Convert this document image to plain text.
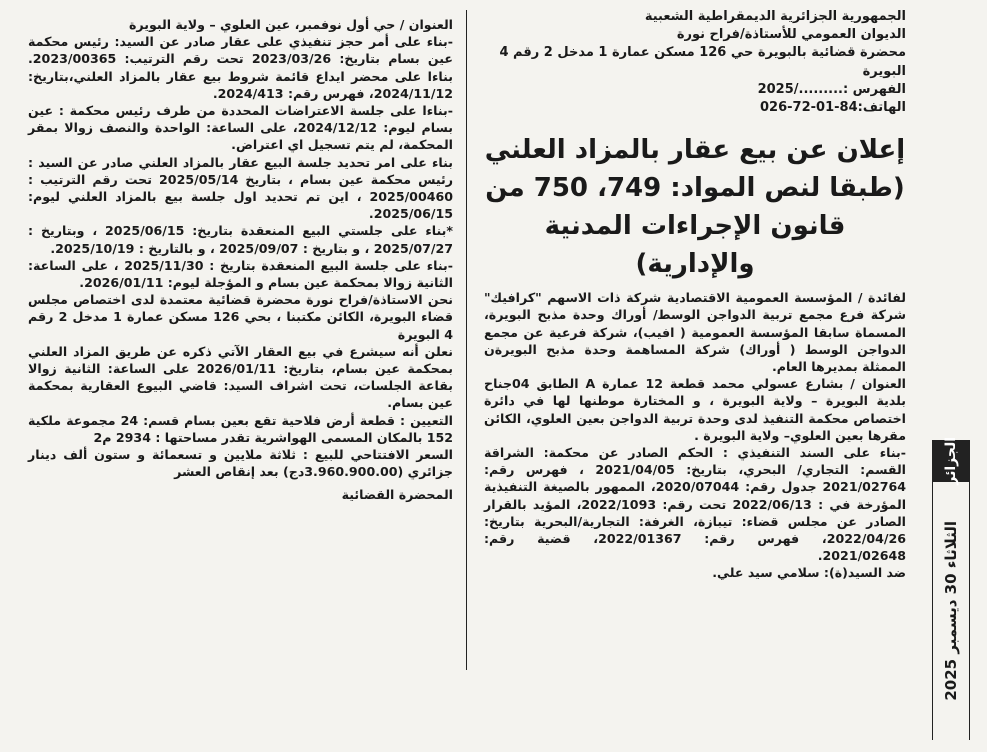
العنوان / حي أول نوفمبر، عين العلوي – ولاية البويرة

-بناء على أمر حجز تنفيذي على عقار صادر عن السيد: رئيس محكمة عين بسام بتاريخ: 2023/03/26 تحت رقم الترتيب: 2023/00365. بناءا على محضر ايداع قائمة شروط بيع عقار بالمزاد العلني،بتاريخ: 2024/11/12، فهرس رقم: 2024/413.

-بناءا على جلسة الاعتراضات المحددة من طرف رئيس محكمة : عين بسام ليوم: 2024/12/12، على الساعة: الواحدة والنصف زوالا بمقر المحكمة، لم يتم تسجيل اي اعتراض.

بناء على امر تحديد جلسة البيع عقار بالمزاد العلني صادر عن السيد : رئيس محكمة عين بسام ، بتاريخ 2025/05/14 تحت رقم الترتيب : 2025/00460 ، اين تم تحديد اول جلسة بيع بالمزاد العلني ليوم: 2025/06/15.

*بناء على جلستي البيع المنعقدة بتاريخ: 2025/06/15 ، وبتاريخ : 2025/07/27 ، و بتاريخ : 2025/09/07 ، و بالتاريخ : 2025/10/19.

-بناء على جلسة البيع المنعقدة بتاريخ : 2025/11/30 ، على الساعة: الثانية زوالا بمحكمة عين بسام و المؤجلة ليوم: 2026/01/11.

نحن الاستاذة/فراح نورة محضرة قضائية معتمدة لدى اختصاص مجلس قضاء البويرة، الكائن مكتبنا ، بحي 126 مسكن عمارة 1 مدخل 2 رقم 4 البويرة

نعلن أنه سيشرع في بيع العقار الآتي ذكره عن طريق المزاد العلني بمحكمة عين بسام، بتاريخ: 2026/01/11 على الساعة: الثانية زوالا بقاعة الجلسات، تحت اشراف السيد: قاضي البيوع العقارية بمحكمة عين بسام.

التعيين : قطعة أرض فلاحية تقع بعين بسام قسم: 24 مجموعة ملكية 152 بالمكان المسمى الهواشرية تقدر مساحتها : 2934 م2

السعر الافتتاحي للبيع : ثلاثة ملايين و تسعمائة و ستون ألف دينار جزائري (3.960.900.00دج) بعد إنقاص العشر

المحضرة القضائية

الجمهورية الجزائرية الديمقراطية الشعبية

الديوان العمومي للأستاذة/فراح نورة

محضرة قضائية بالبويرة حي 126 مسكن عمارة 1 مدخل 2 رقم 4

البويرة

الفهرس :........./2025

الهاتف:84-01-72-026

إعلان عن بيع عقار بالمزاد العلني
(طبقا لنص المواد: 749، 750 من
قانون الإجراءات المدنية والإدارية)

لفائدة / المؤسسة العمومية الاقتصادية شركة ذات الاسهم "كرافيك" شركة فرع مجمع تربية الدواجن الوسط/ أوراك وحدة مذبح البويرة، المسماة سابقا المؤسسة العمومية ( افيب)، شركة فرعية عن مجمع الدواجن الوسط ( أوراك) شركة المساهمة وحدة مذبح البويرةن الممثلة بمديرها العام.

العنوان / بشارع عسولي محمد قطعة 12 عمارة A الطابق 04جناح بلدية البويرة – ولاية البويرة ، و المختارة موطنها لها في دائرة اختصاص محكمة التنفيذ لدى وحدة تربية الدواجن بعين العلوي، الكائن مقرها بعين العلوي– ولاية البويرة .

-بناء على السند التنفيذي : الحكم الصادر عن محكمة: الشراقة القسم: التجاري/ البحري، بتاريخ: 2021/04/05 ، فهرس رقم: 2021/02764 جدول رقم: 2020/07044، الممهور بالصيغة التنفيذية المؤرخة في : 2022/06/13 تحت رقم: 2022/1093، المؤيد بالقرار الصادر عن مجلس قضاء: تيبازة، الغرفة: التجارية/البحرية بتاريخ: 2022/04/26، فهرس رقم: 2022/01367، قضية رقم: 2021/02648.

ضد السيد(ة): سلامي سيد علي.

الجزائر
الثلاثاء 30 ديسمبر 2025
